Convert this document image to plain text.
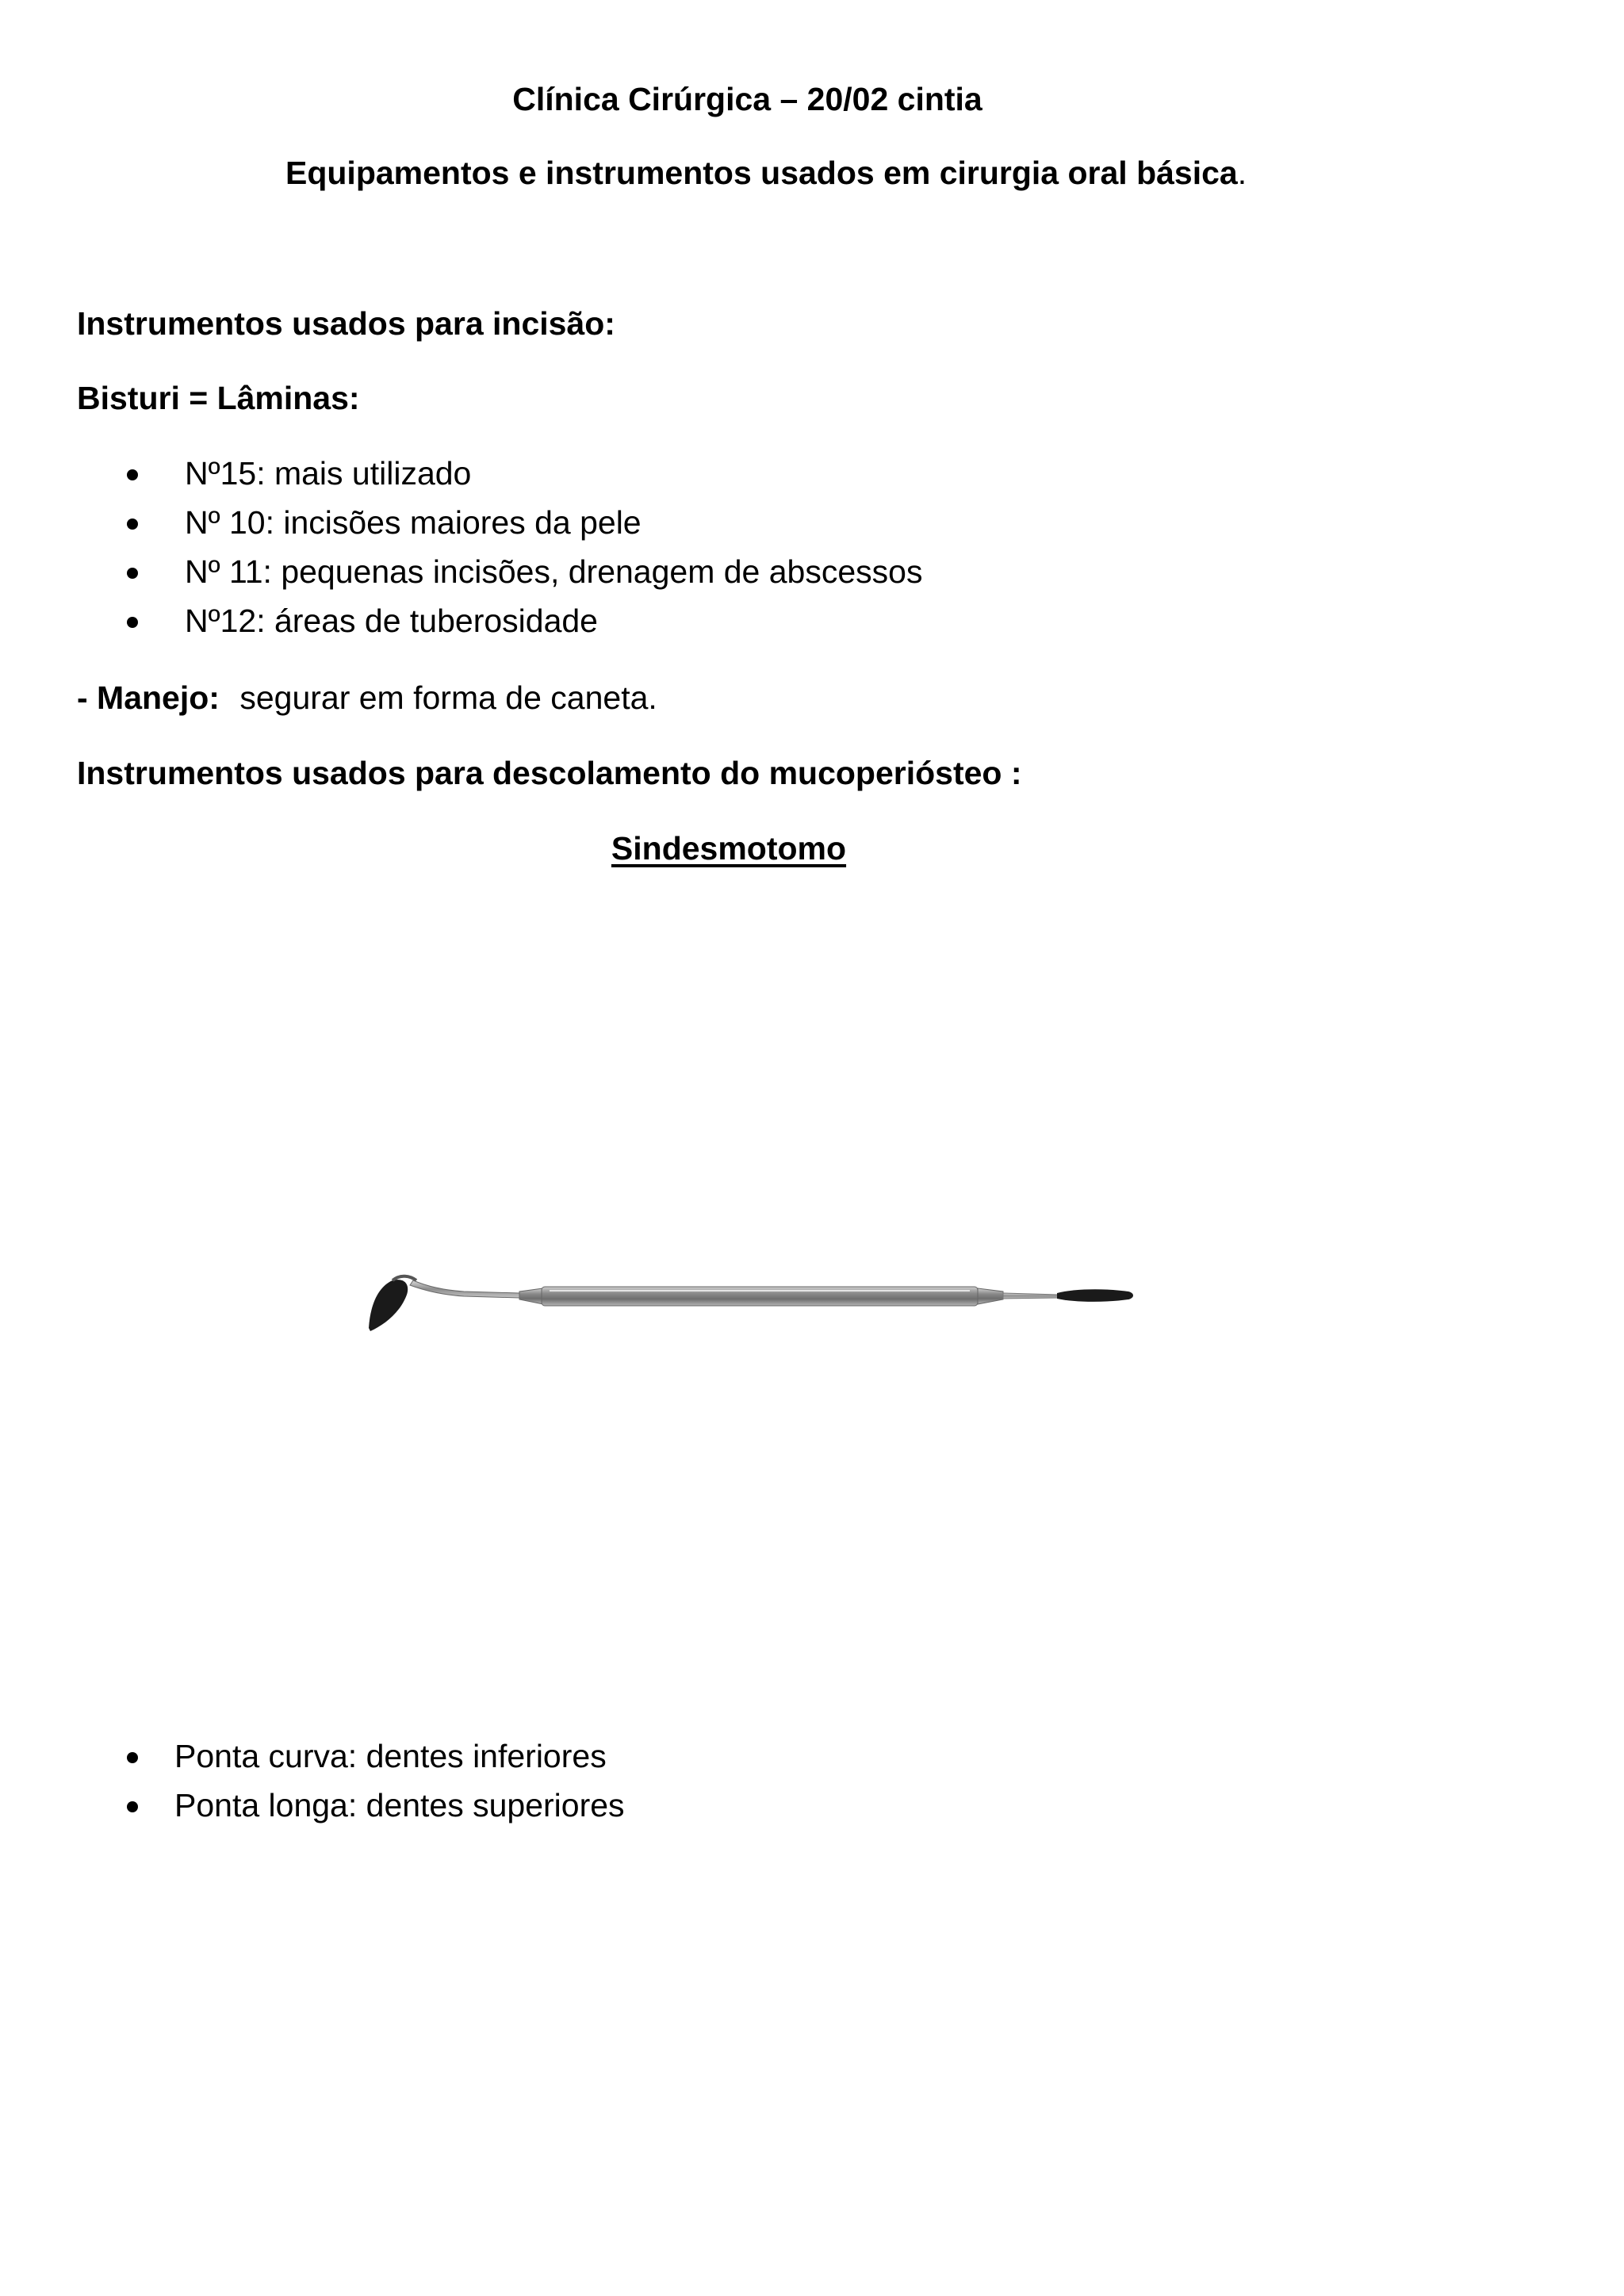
Clínica Cirúrgica – 20/02 cintia
Equipamentos e instrumentos usados em cirurgia oral básica.
Instrumentos usados para incisão:
Bisturi = Lâminas:
Nº15: mais utilizado
Nº 10: incisões maiores da pele
Nº 11: pequenas incisões, drenagem de abscessos
Nº12: áreas de tuberosidade
- Manejo: segurar em forma de caneta.
Instrumentos usados para descolamento do mucoperiósteo :
Sindesmotomo
Ponta curva: dentes inferiores
Ponta longa: dentes superiores
